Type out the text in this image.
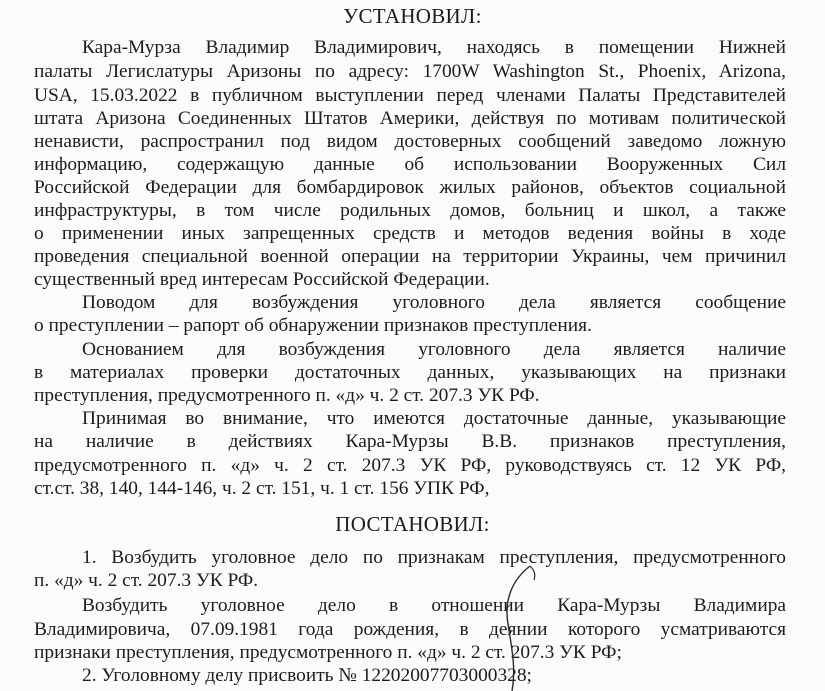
УСТАНОВИЛ:
Кара-Мурза Владимир Владимирович, находясь в помещении Нижней
палаты Легислатуры Аризоны по адресу: 1700W Washington St., Phoenix, Arizona,
USA, 15.03.2022 в публичном выступлении перед членами Палаты Представителей
штата Аризона Соединенных Штатов Америки, действуя по мотивам политической
ненависти, распространил под видом достоверных сообщений заведомо ложную
информацию, содержащую данные об использовании Вооруженных Сил
Российской Федерации для бомбардировок жилых районов, объектов социальной
инфраструктуры, в том числе родильных домов, больниц и школ, а также
о применении иных запрещенных средств и методов ведения войны в ходе
проведения специальной военной операции на территории Украины, чем причинил
существенный вред интересам Российской Федерации.
Поводом для возбуждения уголовного дела является сообщение
о преступлении – рапорт об обнаружении признаков преступления.
Основанием для возбуждения уголовного дела является наличие
в материалах проверки достаточных данных, указывающих на признаки
преступления, предусмотренного п. «д» ч. 2 ст. 207.3 УК РФ.
Принимая во внимание, что имеются достаточные данные, указывающие
на наличие в действиях Кара-Мурзы В.В. признаков преступления,
предусмотренного п. «д» ч. 2 ст. 207.3 УК РФ, руководствуясь ст. 12 УК РФ,
ст.ст. 38, 140, 144-146, ч. 2 ст. 151, ч. 1 ст. 156 УПК РФ,
ПОСТАНОВИЛ:
1. Возбудить уголовное дело по признакам преступления, предусмотренного
п. «д» ч. 2 ст. 207.3 УК РФ.
Возбудить уголовное дело в отношении Кара-Мурзы Владимира
Владимировича, 07.09.1981 года рождения, в деянии которого усматриваются
признаки преступления, предусмотренного п. «д» ч. 2 ст. 207.3 УК РФ;
2. Уголовному делу присвоить № 12202007703000328;
